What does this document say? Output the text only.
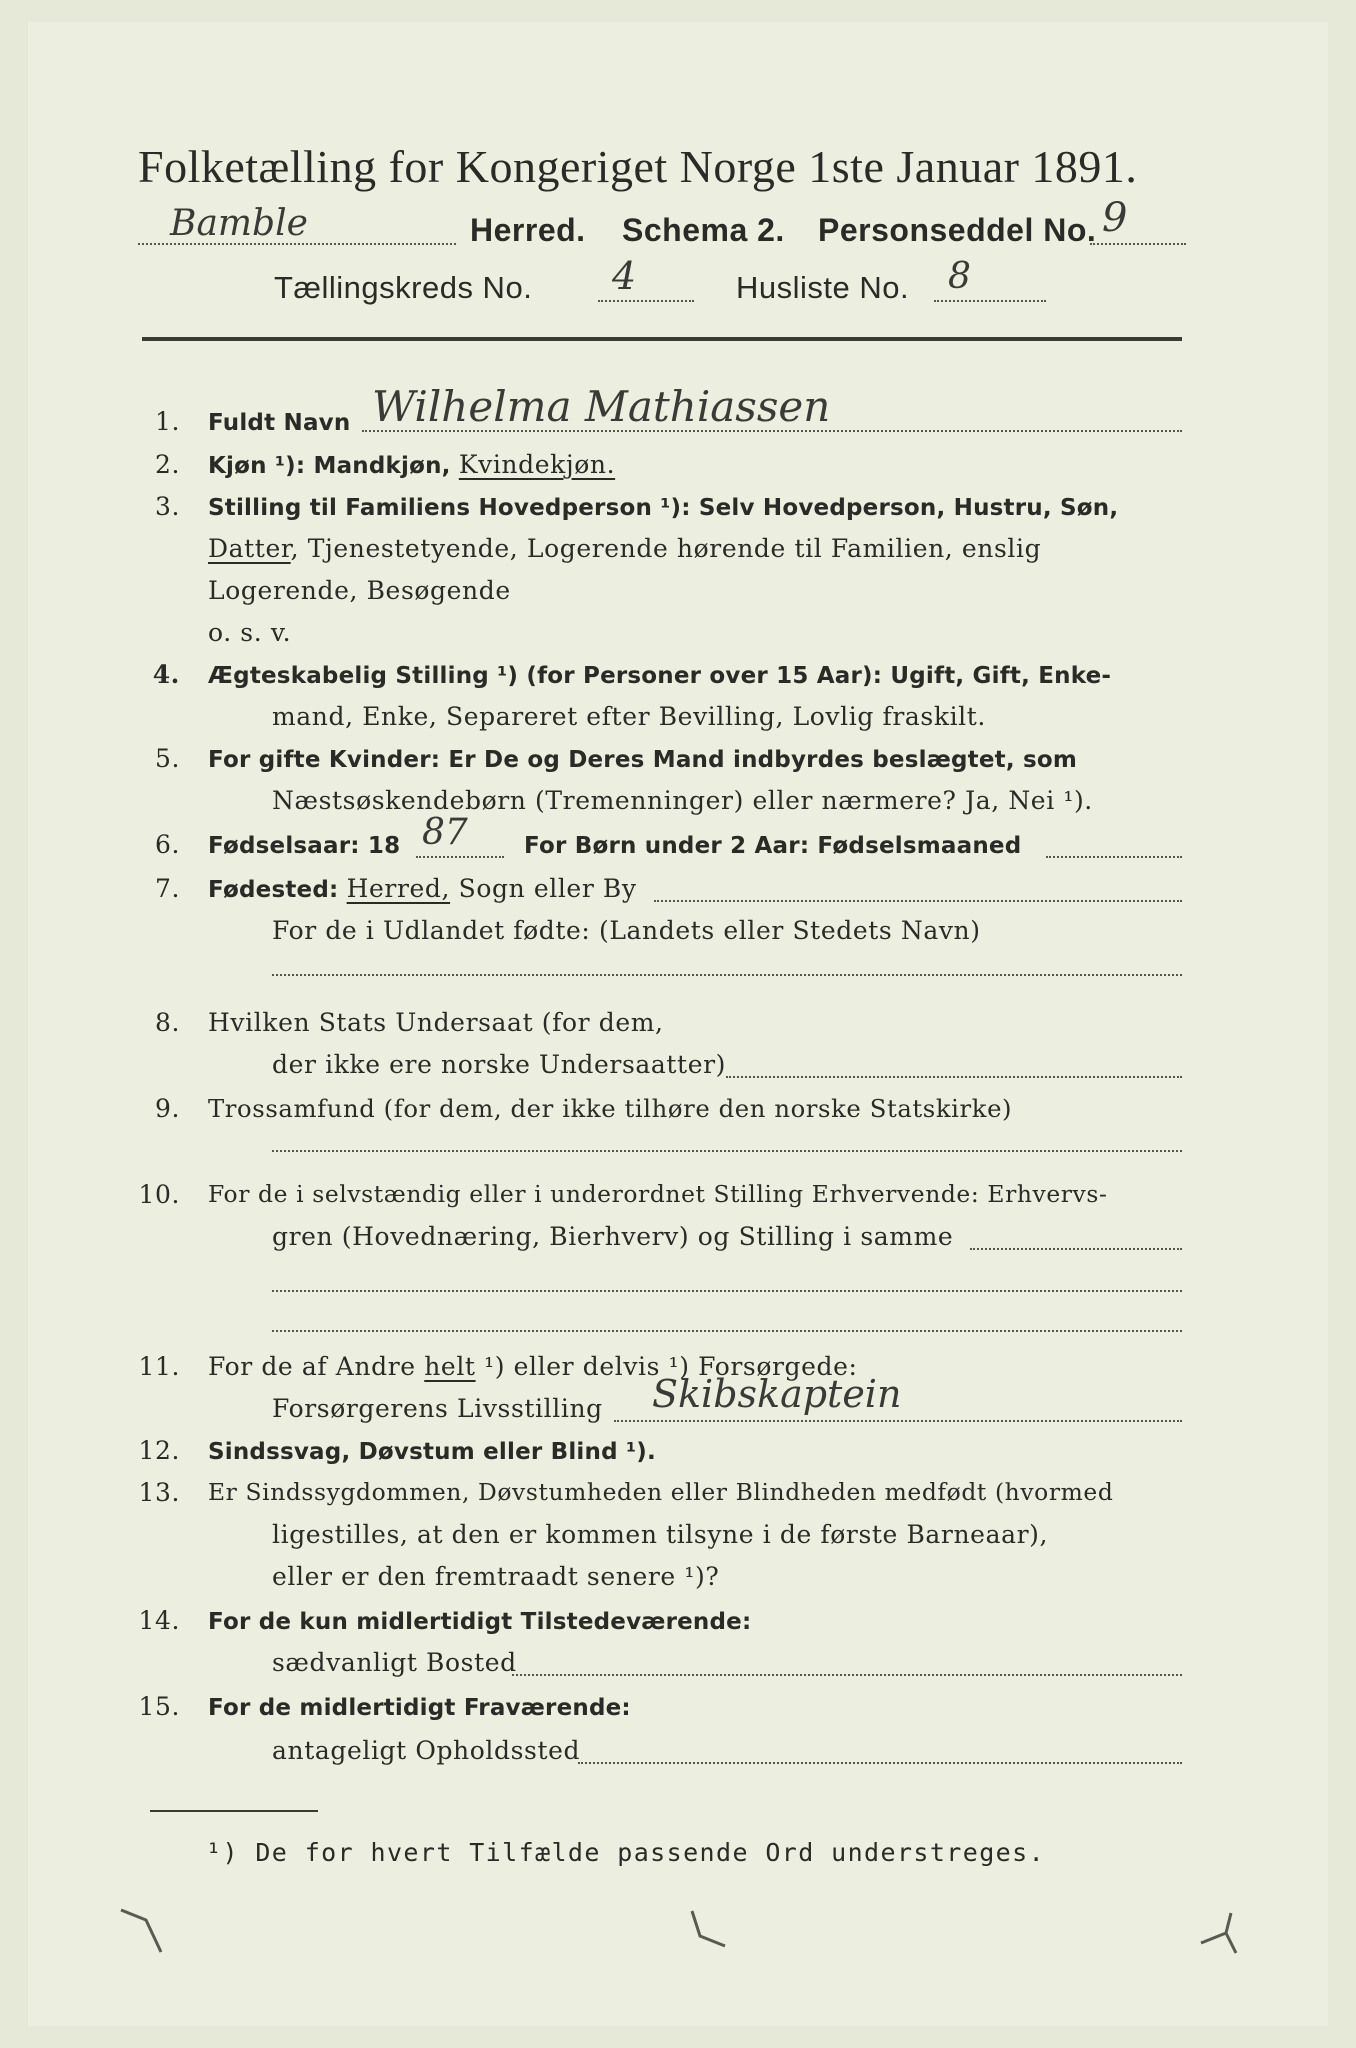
Folketælling for Kongeriget Norge 1ste Januar 1891.
Bamble	Herred. Schema 2. Personseddel No. 9
Tællingskreds No. 4	Husliste No. 8
1. Fuldt Navn Wilhelma Mathiassen
2. Kjøn ¹): Mandkjøn, Kvindekjøn.
3. Stilling til Familiens Hovedperson ¹): Selv Hovedperson, Hustru, Søn,
Datter, Tjenestetyende, Logerende hørende til Familien, enslig
Logerende, Besøgende
o. s. v.
4. Ægteskabelig Stilling ¹) (for Personer over 15 Aar): Ugift, Gift, Enke-
mand, Enke, Separeret efter Bevilling, Lovlig fraskilt.
5. For gifte Kvinder: Er De og Deres Mand indbyrdes beslægtet, som
Næstsøskendebørn (Tremenninger) eller nærmere? Ja, Nei ¹).
6. Fødselsaar: 18 87 For Børn under 2 Aar: Fødselsmaaned
7. Fødested: Herred, Sogn eller By
For de i Udlandet fødte: (Landets eller Stedets Navn)
8. Hvilken Stats Undersaat (for dem,
der ikke ere norske Undersaatter)
9. Trossamfund (for dem, der ikke tilhøre den norske Statskirke)
10. For de i selvstændig eller i underordnet Stilling Erhvervende: Erhvervs-
gren (Hovednæring, Bierhverv) og Stilling i samme
11. For de af Andre helt ¹) eller delvis ¹) Forsørgede:
Forsørgerens Livsstilling Skibskaptein
12. Sindssvag, Døvstum eller Blind ¹).
13. Er Sindssygdommen, Døvstumheden eller Blindheden medfødt (hvormed
ligestilles, at den er kommen tilsyne i de første Barneaar),
eller er den fremtraadt senere ¹)?
14. For de kun midlertidigt Tilstedeværende:
sædvanligt Bosted
15. For de midlertidigt Fraværende:
antageligt Opholdssted
¹) De for hvert Tilfælde passende Ord understreges.
